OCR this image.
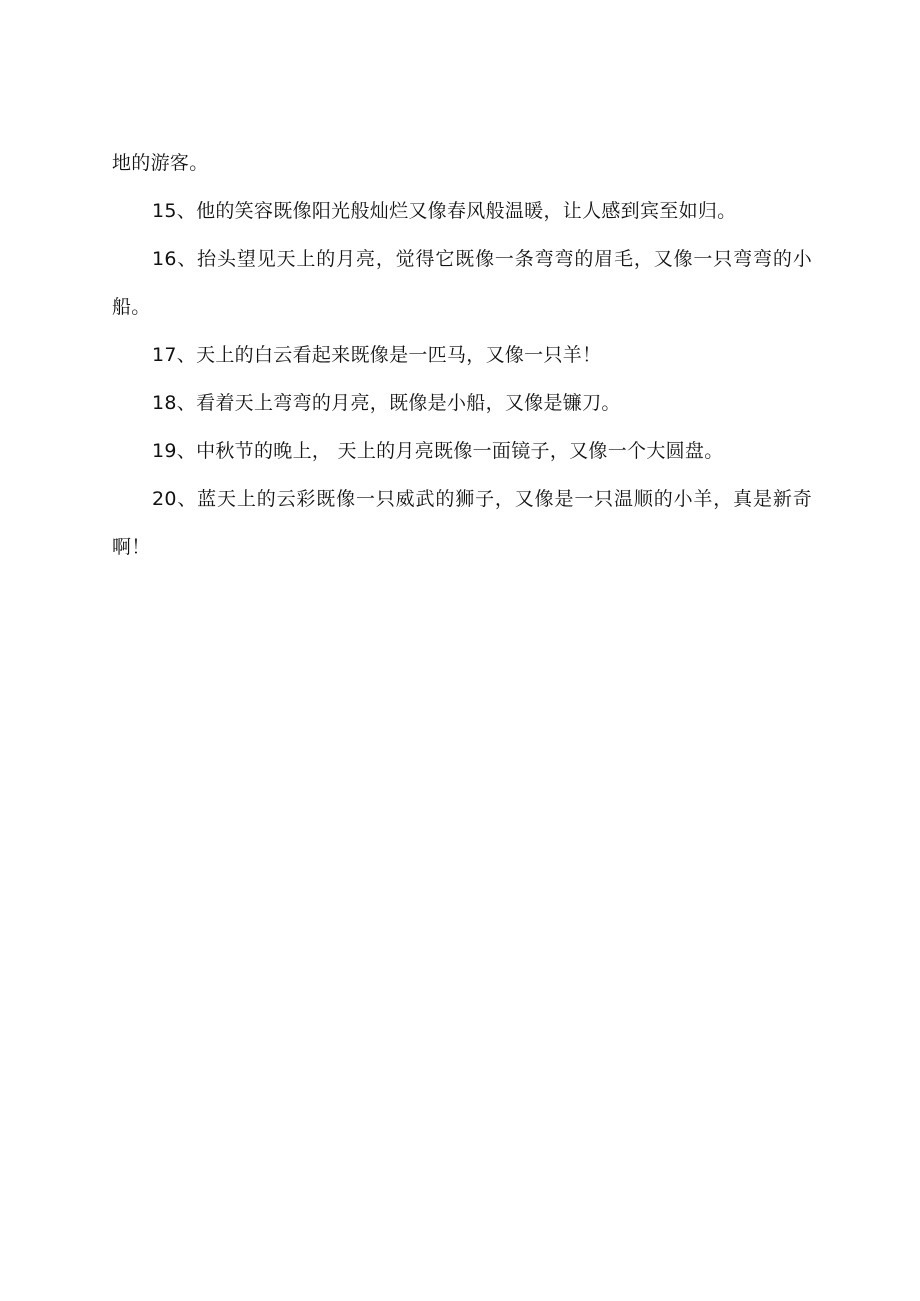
地的游客。

15、他的笑容既像阳光般灿烂又像春风般温暖，让人感到宾至如归。

16、抬头望见天上的月亮，觉得它既像一条弯弯的眉毛，又像一只弯弯的小船。

17、天上的白云看起来既像是一匹马，又像一只羊！

18、看着天上弯弯的月亮，既像是小船，又像是镰刀。

19、中秋节的晚上， 天上的月亮既像一面镜子，又像一个大圆盘。

20、蓝天上的云彩既像一只威武的狮子，又像是一只温顺的小羊，真是新奇啊！
